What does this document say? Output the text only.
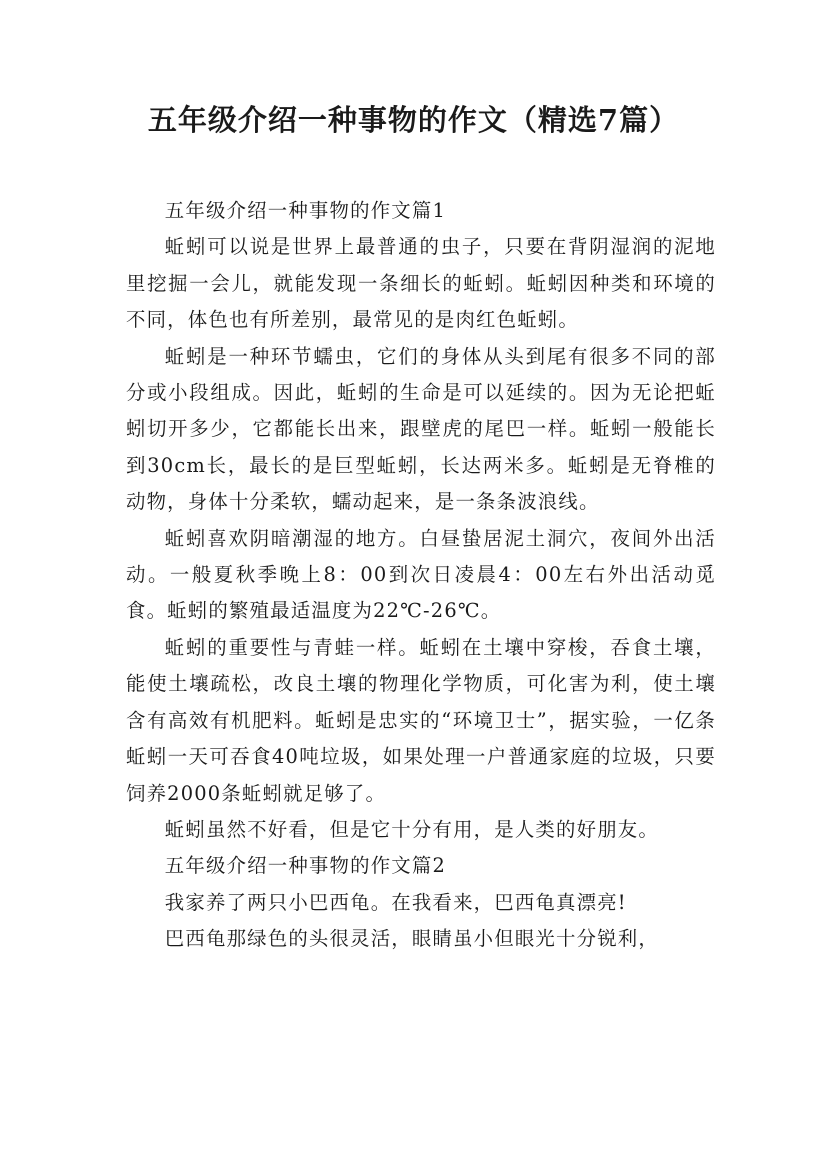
五年级介绍一种事物的作文（精选7篇）

五年级介绍一种事物的作文篇1

蚯蚓可以说是世界上最普通的虫子，只要在背阴湿润的泥地里挖掘一会儿，就能发现一条细长的蚯蚓。蚯蚓因种类和环境的不同，体色也有所差别，最常见的是肉红色蚯蚓。

蚯蚓是一种环节蠕虫，它们的身体从头到尾有很多不同的部分或小段组成。因此，蚯蚓的生命是可以延续的。因为无论把蚯蚓切开多少，它都能长出来，跟壁虎的尾巴一样。蚯蚓一般能长到30cm长，最长的是巨型蚯蚓，长达两米多。蚯蚓是无脊椎的动物，身体十分柔软，蠕动起来，是一条条波浪线。

蚯蚓喜欢阴暗潮湿的地方。白昼蛰居泥土洞穴，夜间外出活动。一般夏秋季晚上8：00到次日凌晨4：00左右外出活动觅食。蚯蚓的繁殖最适温度为22℃-26℃。

蚯蚓的重要性与青蛙一样。蚯蚓在土壤中穿梭，吞食土壤，能使土壤疏松，改良土壤的物理化学物质，可化害为利，使土壤含有高效有机肥料。蚯蚓是忠实的“环境卫士”，据实验，一亿条蚯蚓一天可吞食40吨垃圾，如果处理一户普通家庭的垃圾，只要饲养2000条蚯蚓就足够了。

蚯蚓虽然不好看，但是它十分有用，是人类的好朋友。

五年级介绍一种事物的作文篇2

我家养了两只小巴西龟。在我看来，巴西龟真漂亮!

巴西龟那绿色的头很灵活，眼睛虽小但眼光十分锐利，
